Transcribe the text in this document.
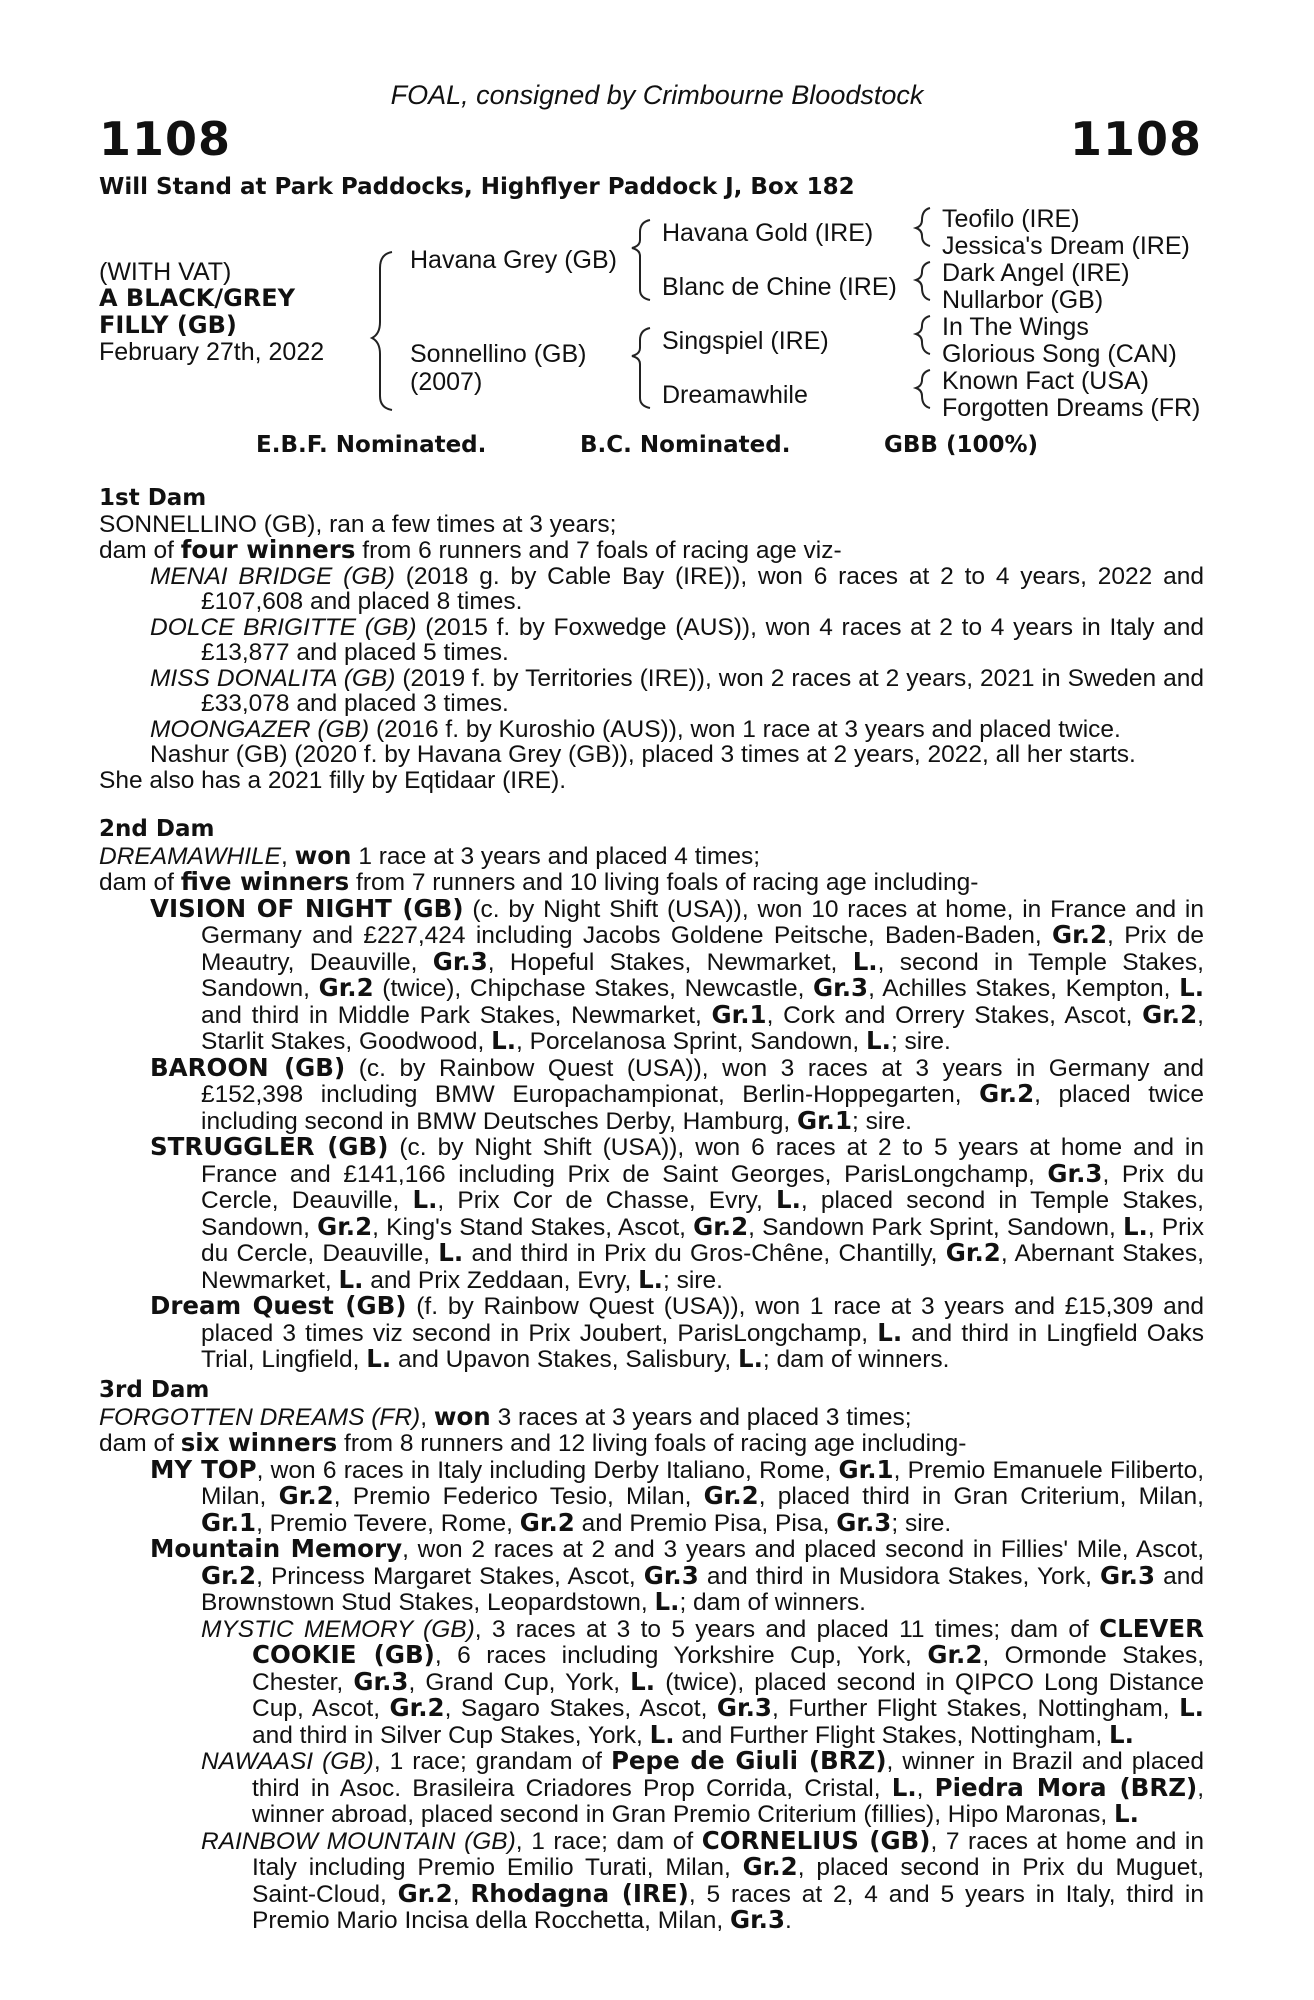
FOAL, consigned by Crimbourne Bloodstock
1108	1108
Will Stand at Park Paddocks, Highflyer Paddock J, Box 182
(WITH VAT)
A BLACK/GREY
FILLY (GB)
February 27th, 2022
Havana Grey (GB)
Sonnellino (GB)
(2007)
Havana Gold (IRE)
Blanc de Chine (IRE)
Singspiel (IRE)
Dreamawhile
Teofilo (IRE)
Jessica's Dream (IRE)
Dark Angel (IRE)
Nullarbor (GB)
In The Wings
Glorious Song (CAN)
Known Fact (USA)
Forgotten Dreams (FR)
E.B.F. Nominated.	B.C. Nominated.	GBB (100%)

1st Dam

SONNELLINO (GB), ran a few times at 3 years;

dam of four winners from 6 runners and 7 foals of racing age viz-

MENAI BRIDGE (GB) (2018 g. by Cable Bay (IRE)), won 6 races at 2 to 4 years, 2022 and £107,608 and placed 8 times.

DOLCE BRIGITTE (GB) (2015 f. by Foxwedge (AUS)), won 4 races at 2 to 4 years in Italy and £13,877 and placed 5 times.

MISS DONALITA (GB) (2019 f. by Territories (IRE)), won 2 races at 2 years, 2021 in Sweden and £33,078 and placed 3 times.

MOONGAZER (GB) (2016 f. by Kuroshio (AUS)), won 1 race at 3 years and placed twice.

Nashur (GB) (2020 f. by Havana Grey (GB)), placed 3 times at 2 years, 2022, all her starts.

She also has a 2021 filly by Eqtidaar (IRE).

2nd Dam

DREAMAWHILE, won 1 race at 3 years and placed 4 times;

dam of five winners from 7 runners and 10 living foals of racing age including-

VISION OF NIGHT (GB) (c. by Night Shift (USA)), won 10 races at home, in France and in Germany and £227,424 including Jacobs Goldene Peitsche, Baden-Baden, Gr.2, Prix de Meautry, Deauville, Gr.3, Hopeful Stakes, Newmarket, L., second in Temple Stakes, Sandown, Gr.2 (twice), Chipchase Stakes, Newcastle, Gr.3, Achilles Stakes, Kempton, L. and third in Middle Park Stakes, Newmarket, Gr.1, Cork and Orrery Stakes, Ascot, Gr.2, Starlit Stakes, Goodwood, L., Porcelanosa Sprint, Sandown, L.; sire.

BAROON (GB) (c. by Rainbow Quest (USA)), won 3 races at 3 years in Germany and £152,398 including BMW Europachampionat, Berlin-Hoppegarten, Gr.2, placed twice including second in BMW Deutsches Derby, Hamburg, Gr.1; sire.

STRUGGLER (GB) (c. by Night Shift (USA)), won 6 races at 2 to 5 years at home and in France and £141,166 including Prix de Saint Georges, ParisLongchamp, Gr.3, Prix du Cercle, Deauville, L., Prix Cor de Chasse, Evry, L., placed second in Temple Stakes, Sandown, Gr.2, King's Stand Stakes, Ascot, Gr.2, Sandown Park Sprint, Sandown, L., Prix du Cercle, Deauville, L. and third in Prix du Gros-Chêne, Chantilly, Gr.2, Abernant Stakes, Newmarket, L. and Prix Zeddaan, Evry, L.; sire.

Dream Quest (GB) (f. by Rainbow Quest (USA)), won 1 race at 3 years and £15,309 and placed 3 times viz second in Prix Joubert, ParisLongchamp, L. and third in Lingfield Oaks Trial, Lingfield, L. and Upavon Stakes, Salisbury, L.; dam of winners.

3rd Dam

FORGOTTEN DREAMS (FR), won 3 races at 3 years and placed 3 times;

dam of six winners from 8 runners and 12 living foals of racing age including-

MY TOP, won 6 races in Italy including Derby Italiano, Rome, Gr.1, Premio Emanuele Filiberto, Milan, Gr.2, Premio Federico Tesio, Milan, Gr.2, placed third in Gran Criterium, Milan, Gr.1, Premio Tevere, Rome, Gr.2 and Premio Pisa, Pisa, Gr.3; sire.

Mountain Memory, won 2 races at 2 and 3 years and placed second in Fillies' Mile, Ascot, Gr.2, Princess Margaret Stakes, Ascot, Gr.3 and third in Musidora Stakes, York, Gr.3 and Brownstown Stud Stakes, Leopardstown, L.; dam of winners.

MYSTIC MEMORY (GB), 3 races at 3 to 5 years and placed 11 times; dam of CLEVER COOKIE (GB), 6 races including Yorkshire Cup, York, Gr.2, Ormonde Stakes, Chester, Gr.3, Grand Cup, York, L. (twice), placed second in QIPCO Long Distance Cup, Ascot, Gr.2, Sagaro Stakes, Ascot, Gr.3, Further Flight Stakes, Nottingham, L. and third in Silver Cup Stakes, York, L. and Further Flight Stakes, Nottingham, L.

NAWAASI (GB), 1 race; grandam of Pepe de Giuli (BRZ), winner in Brazil and placed third in Asoc. Brasileira Criadores Prop Corrida, Cristal, L., Piedra Mora (BRZ), winner abroad, placed second in Gran Premio Criterium (fillies), Hipo Maronas, L.

RAINBOW MOUNTAIN (GB), 1 race; dam of CORNELIUS (GB), 7 races at home and in Italy including Premio Emilio Turati, Milan, Gr.2, placed second in Prix du Muguet, Saint-Cloud, Gr.2, Rhodagna (IRE), 5 races at 2, 4 and 5 years in Italy, third in Premio Mario Incisa della Rocchetta, Milan, Gr.3.
